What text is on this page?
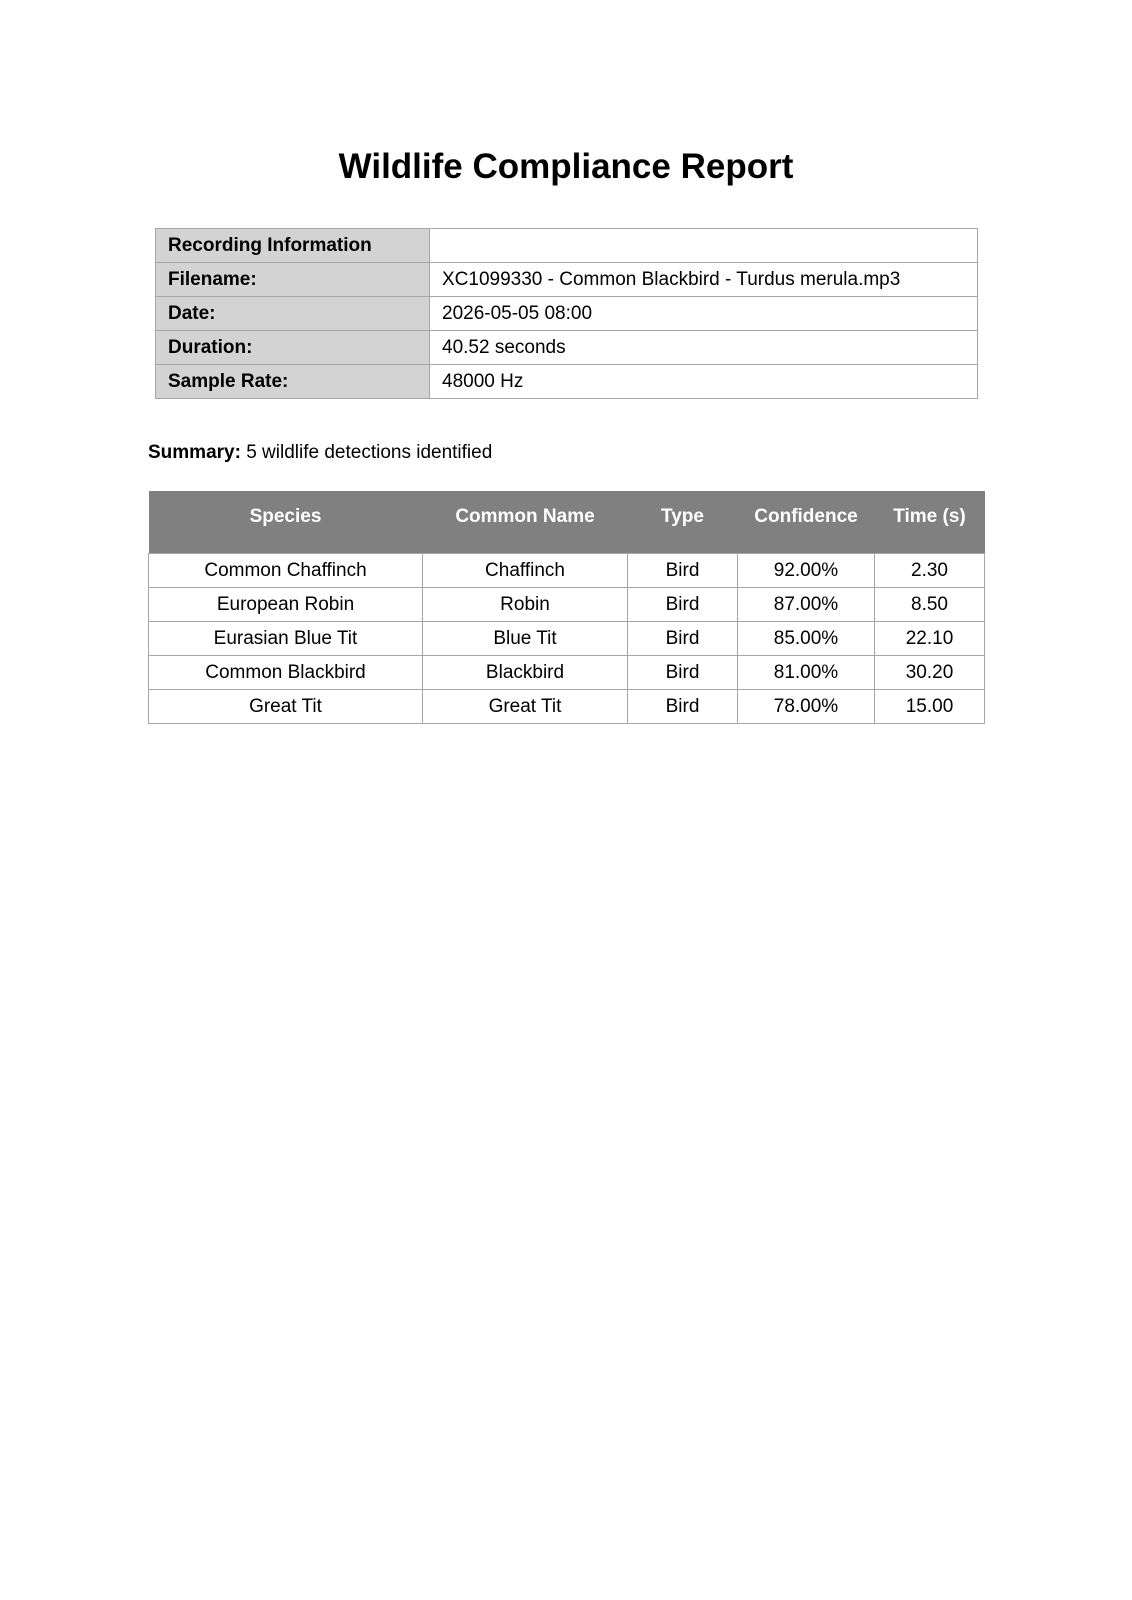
Wildlife Compliance Report
Recording Information	
Filename:	XC1099330 - Common Blackbird - Turdus merula.mp3
Date:	2026-05-05 08:00
Duration:	40.52 seconds
Sample Rate:	48000 Hz

Summary: 5 wildlife detections identified

Species	Common Name	Type	Confidence	Time (s)
Common Chaffinch	Chaffinch	Bird	92.00%	2.30
European Robin	Robin	Bird	87.00%	8.50
Eurasian Blue Tit	Blue Tit	Bird	85.00%	22.10
Common Blackbird	Blackbird	Bird	81.00%	30.20
Great Tit	Great Tit	Bird	78.00%	15.00
